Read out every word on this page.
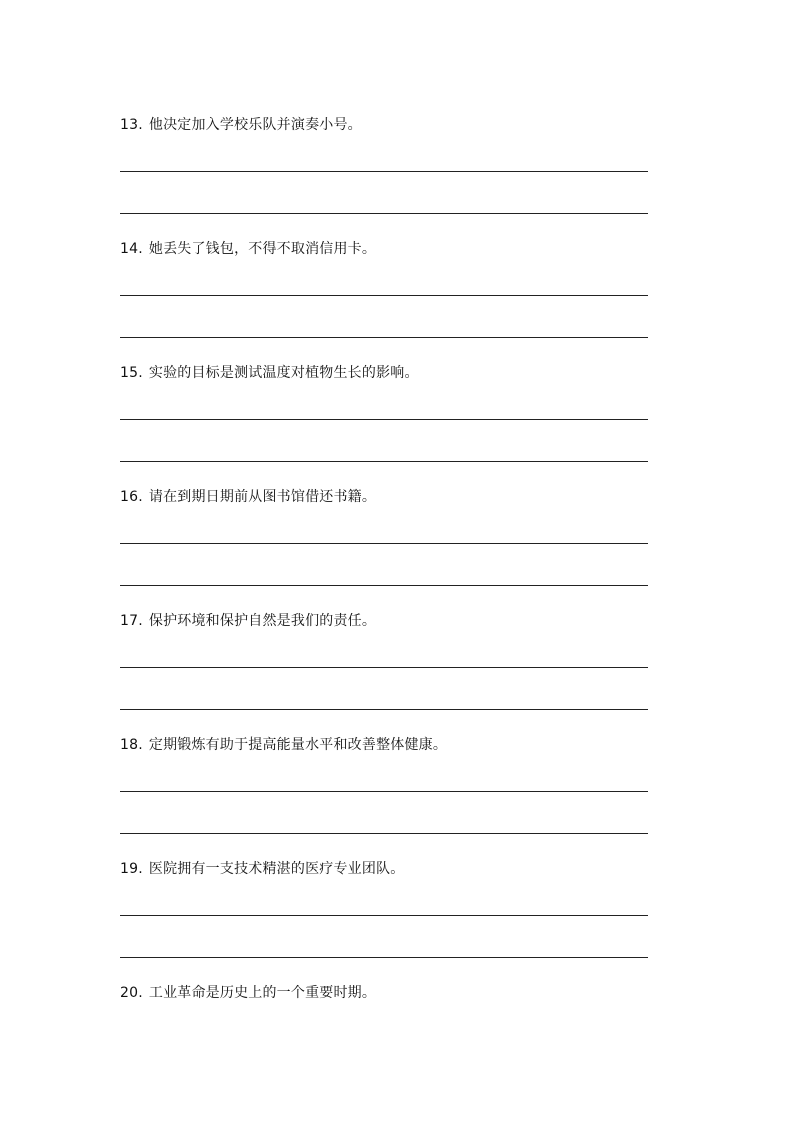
13. 他决定加入学校乐队并演奏小号。
14. 她丢失了钱包，不得不取消信用卡。
15. 实验的目标是测试温度对植物生长的影响。
16. 请在到期日期前从图书馆借还书籍。
17. 保护环境和保护自然是我们的责任。
18. 定期锻炼有助于提高能量水平和改善整体健康。
19. 医院拥有一支技术精湛的医疗专业团队。
20. 工业革命是历史上的一个重要时期。
